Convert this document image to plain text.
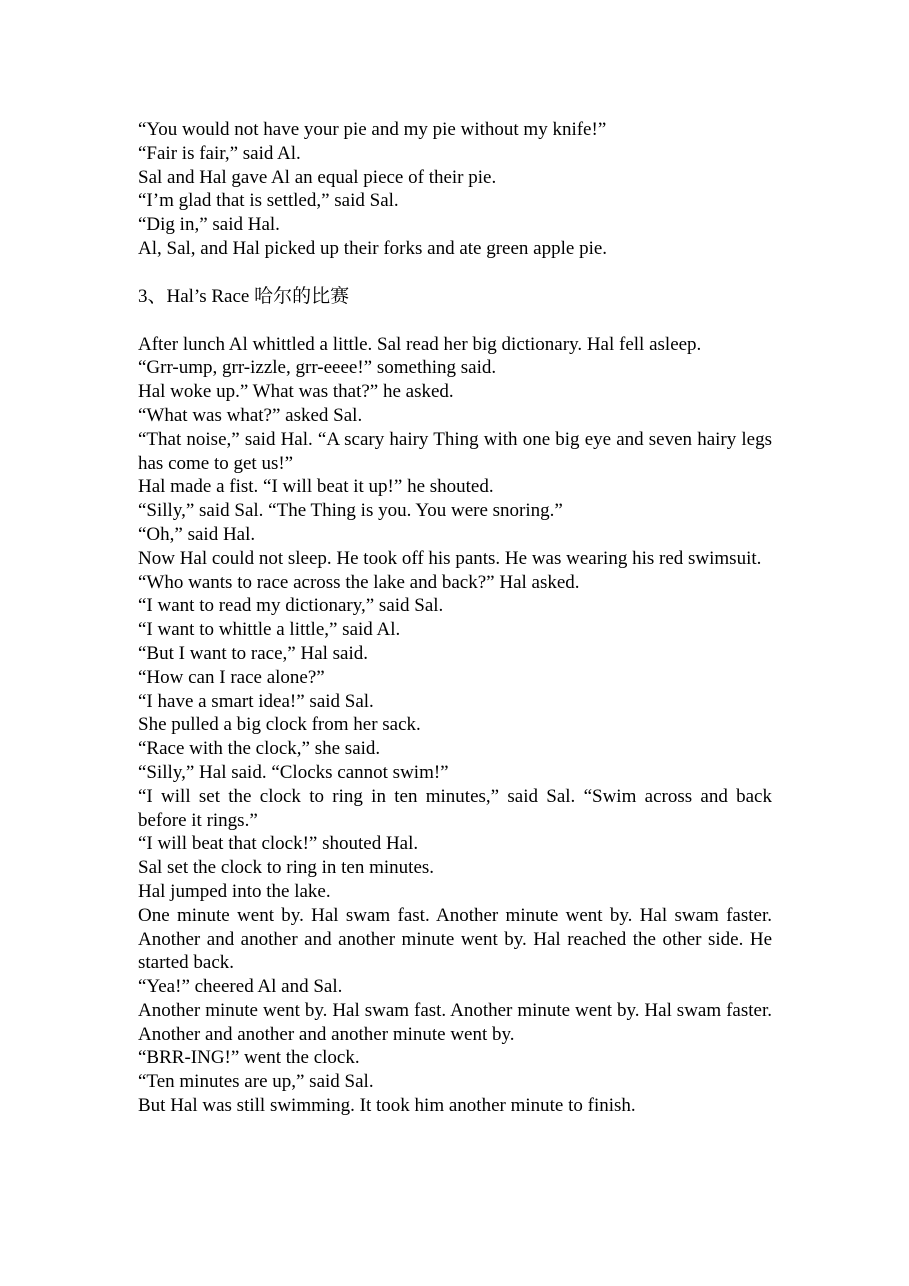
“You would not have your pie and my pie without my knife!”

“Fair is fair,” said Al.

Sal and Hal gave Al an equal piece of their pie.

“I’m glad that is settled,” said Sal.

“Dig in,” said Hal.

Al, Sal, and Hal picked up their forks and ate green apple pie.

3、Hal’s Race 哈尔的比赛

After lunch Al whittled a little. Sal read her big dictionary. Hal fell asleep.

“Grr-ump, grr-izzle, grr-eeee!” something said.

Hal woke up.” What was that?” he asked.

“What was what?” asked Sal.

“That noise,” said Hal. “A scary hairy Thing with one big eye and seven hairy legs has come to get us!”

Hal made a fist. “I will beat it up!” he shouted.

“Silly,” said Sal. “The Thing is you. You were snoring.”

“Oh,” said Hal.

Now Hal could not sleep. He took off his pants. He was wearing his red swimsuit.

“Who wants to race across the lake and back?” Hal asked.

“I want to read my dictionary,” said Sal.

“I want to whittle a little,” said Al.

“But I want to race,” Hal said.

“How can I race alone?”

“I have a smart idea!” said Sal.

She pulled a big clock from her sack.

“Race with the clock,” she said.

“Silly,” Hal said. “Clocks cannot swim!”

“I will set the clock to ring in ten minutes,” said Sal. “Swim across and back before it rings.”

“I will beat that clock!” shouted Hal.

Sal set the clock to ring in ten minutes.

Hal jumped into the lake.

One minute went by. Hal swam fast. Another minute went by. Hal swam faster. Another and another and another minute went by. Hal reached the other side. He started back.

“Yea!” cheered Al and Sal.

Another minute went by. Hal swam fast. Another minute went by. Hal swam faster. Another and another and another minute went by.

“BRR-ING!” went the clock.

“Ten minutes are up,” said Sal.

But Hal was still swimming. It took him another minute to finish.
